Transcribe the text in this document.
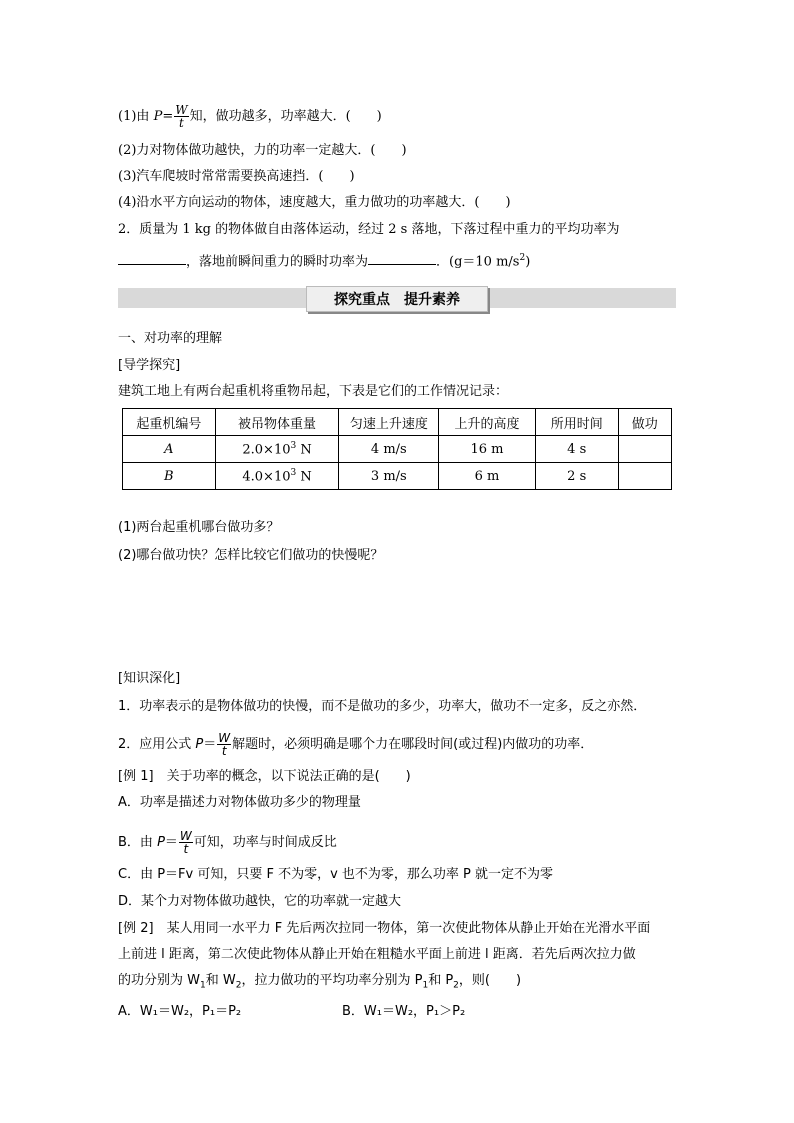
(1)由 $P= \frac{W}{t}$ 知，做功越多，功率越大．(　　)
(2)力对物体做功越快，力的功率一定越大．(　　)
(3)汽车爬坡时常常需要换高速挡．(　　)
(4)沿水平方向运动的物体，速度越大，重力做功的功率越大．(　　)
2．质量为 1 kg 的物体做自由落体运动，经过 2 s 落地，下落过程中重力的平均功率为
，落地前瞬间重力的瞬时功率为	．(g＝10 $m/s^2$)
探究重点 提升素养
一、对功率的理解
[导学探究]
建筑工地上有两台起重机将重物吊起，下表是它们的工作情况记录：
起重机编号	被吊物体重量	匀速上升速度	上升的高度	所用时间	做功
A	$2.0\times 10^3$ N	4 m/s	16 m	4 s	
B	$4.0\times 10^3$ N	3 m/s	6 m	2 s	
(1)两台起重机哪台做功多？
(2)哪台做功快？怎样比较它们做功的快慢呢？
[知识深化]
1．功率表示的是物体做功的快慢，而不是做功的多少，功率大，做功不一定多，反之亦然．
2．应用公式 $P= \frac{W}{t}$ 解题时，必须明确是哪个力在哪段时间(或过程)内做功的功率．
[例 1]　关于功率的概念，以下说法正确的是(　　)
A．功率是描述力对物体做功多少的物理量
B．由 $P= \frac{W}{t}$ 可知，功率与时间成反比
C．由 P＝Fv 可知，只要 F 不为零，v 也不为零，那么功率 P 就一定不为零
D．某个力对物体做功越快，它的功率就一定越大
[例 2]　某人用同一水平力 F 先后两次拉同一物体，第一次使此物体从静止开始在光滑水平面
上前进 l 距离，第二次使此物体从静止开始在粗糙水平面上前进 l 距离．若先后两次拉力做
的功分别为 $W_1$和 $W_2$，拉力做功的平均功率分别为 $P_1$和 $P_2$，则(　　)
A．W₁＝W₂，P₁＝P₂	B．W₁＝W₂，P₁＞P₂
